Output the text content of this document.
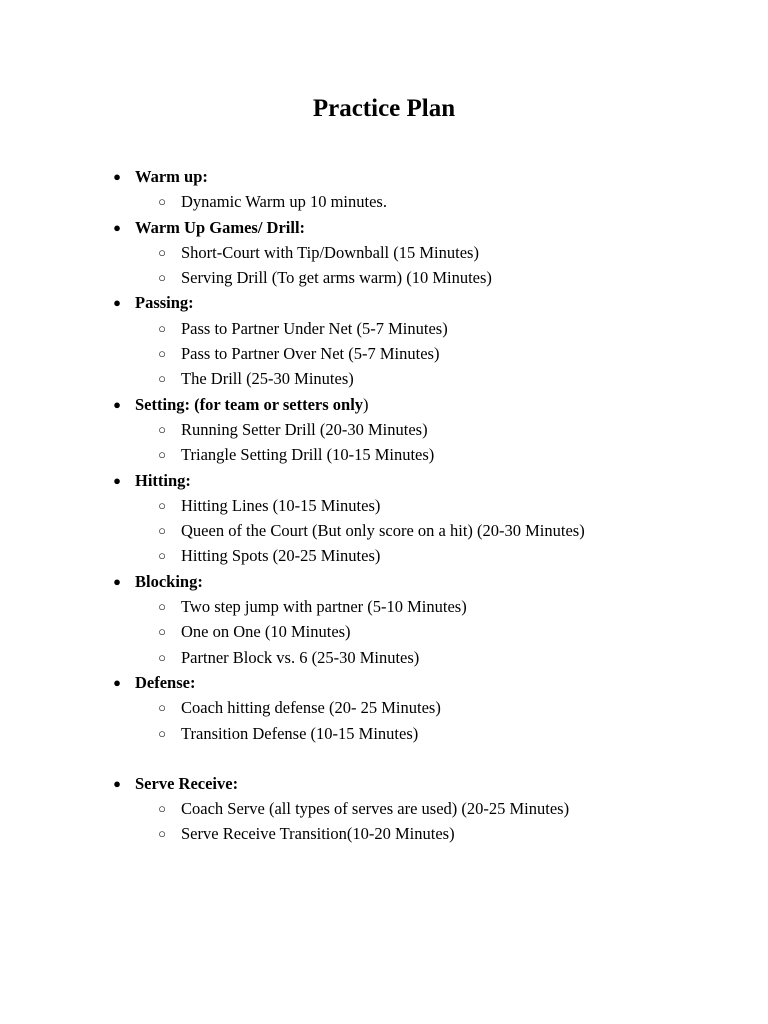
Practice Plan
● Warm up:
○ Dynamic Warm up 10 minutes.
● Warm Up Games/ Drill:
○ Short-Court with Tip/Downball (15 Minutes)
○ Serving Drill (To get arms warm) (10 Minutes)
● Passing:
○ Pass to Partner Under Net (5-7 Minutes)
○ Pass to Partner Over Net (5-7 Minutes)
○ The Drill (25-30 Minutes)
● Setting: (for team or setters only)
○ Running Setter Drill (20-30 Minutes)
○ Triangle Setting Drill (10-15 Minutes)
● Hitting:
○ Hitting Lines (10-15 Minutes)
○ Queen of the Court (But only score on a hit) (20-30 Minutes)
○ Hitting Spots (20-25 Minutes)
● Blocking:
○ Two step jump with partner (5-10 Minutes)
○ One on One (10 Minutes)
○ Partner Block vs. 6 (25-30 Minutes)
● Defense:
○ Coach hitting defense (20- 25 Minutes)
○ Transition Defense (10-15 Minutes)
● Serve Receive:
○ Coach Serve (all types of serves are used) (20-25 Minutes)
○ Serve Receive Transition(10-20 Minutes)
